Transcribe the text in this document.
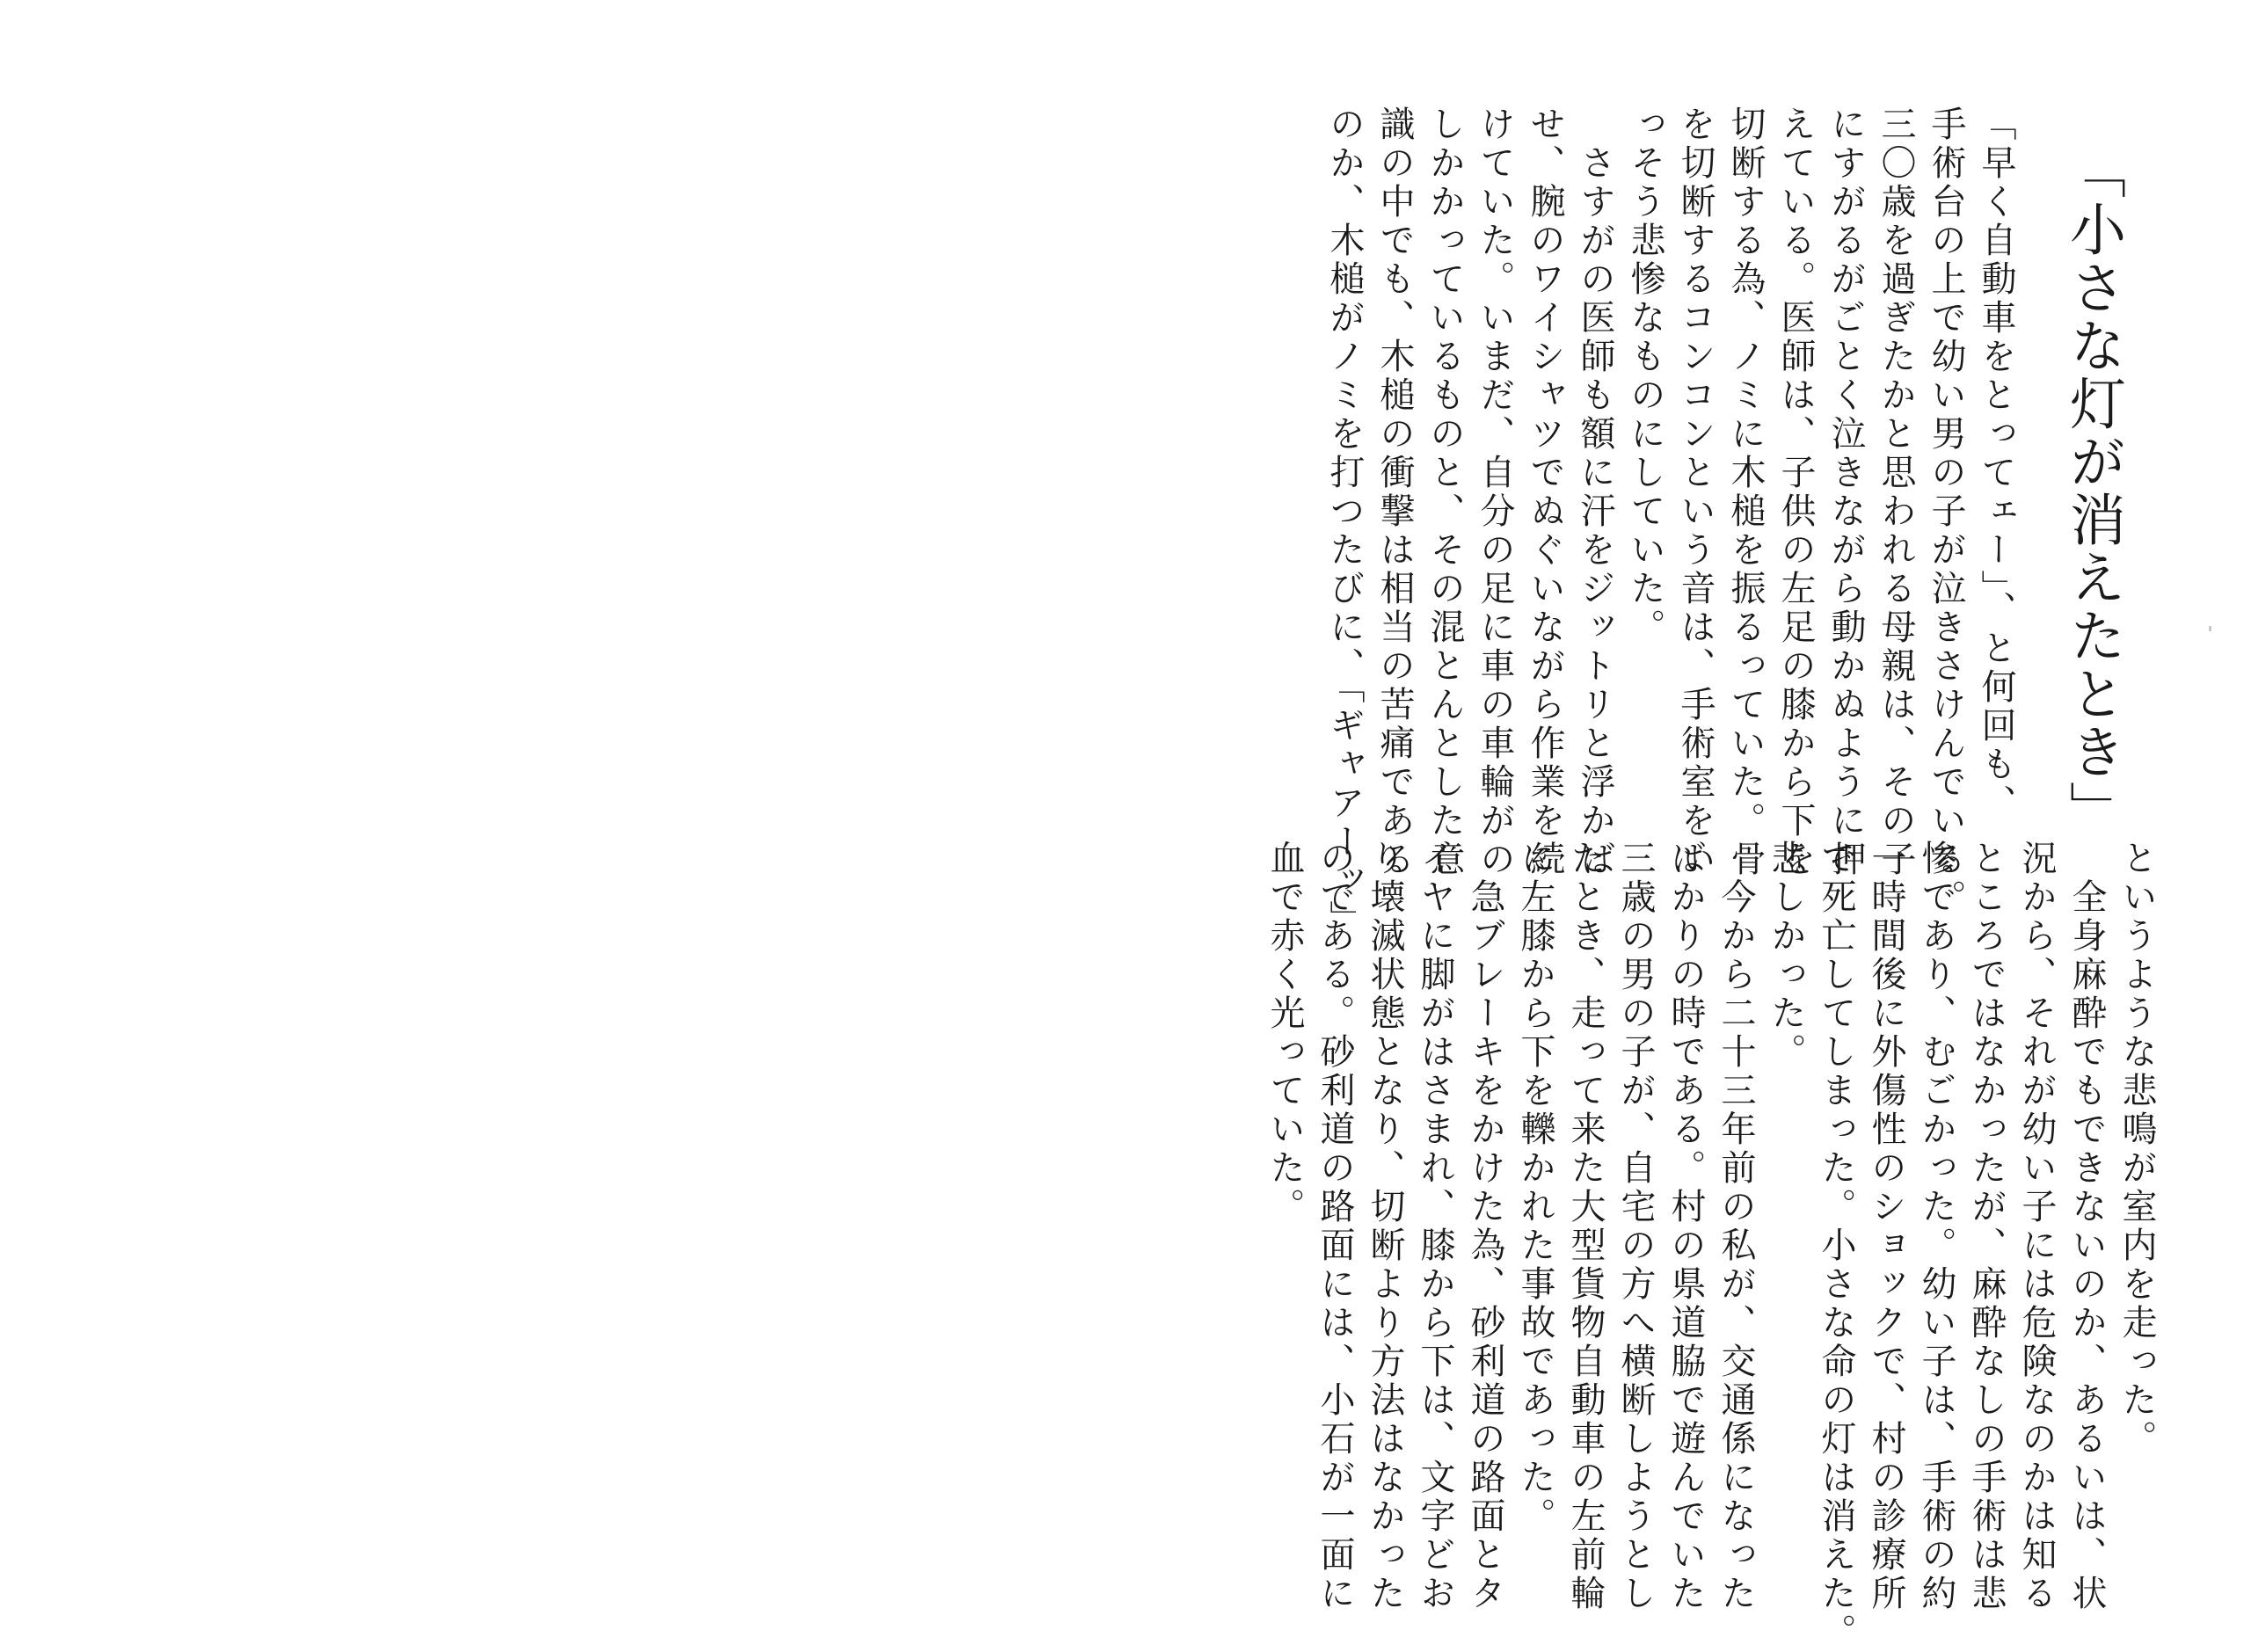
「小さな灯が消えたとき」
「早く自動車をとってェー」、と何回も、
手術台の上で幼い男の子が泣きさけんでいる。
三〇歳を過ぎたかと思われる母親は、その子
にすがるがごとく泣きながら動かぬように押
えている。医師は、子供の左足の膝から下を
切断する為、ノミに木槌を振るっていた。骨
を切断するコンコンという音は、手術室をい
っそう悲惨なものにしていた。
　さすがの医師も額に汗をジットリと浮かば
せ、腕のワイシャツでぬぐいながら作業を続
けていた。いまだ、自分の足に車の車輪がの
しかかっているものと、その混とんとした意
識の中でも、木槌の衝撃は相当の苦痛である
のか、木槌がノミを打つたびに、「ギャアーッ」
というような悲鳴が室内を走った。
　全身麻酔でもできないのか、あるいは、状
況から、それが幼い子には危険なのかは知る
ところではなかったが、麻酔なしの手術は悲
惨であり、むごかった。幼い子は、手術の約
一時間後に外傷性のショックで、村の診療所
で死亡してしまった。小さな命の灯は消えた。
悲しかった。
　今から二十三年前の私が、交通係になった
ばかりの時である。村の県道脇で遊んでいた
三歳の男の子が、自宅の方へ横断しようとし
たとき、走って来た大型貨物自動車の左前輪
に左膝から下を轢かれた事故であった。
　急ブレーキをかけた為、砂利道の路面とタ
イヤに脚がはさまれ、膝から下は、文字どお
り壊滅状態となり、切断より方法はなかった
のである。砂利道の路面には、小石が一面に
血で赤く光っていた。
